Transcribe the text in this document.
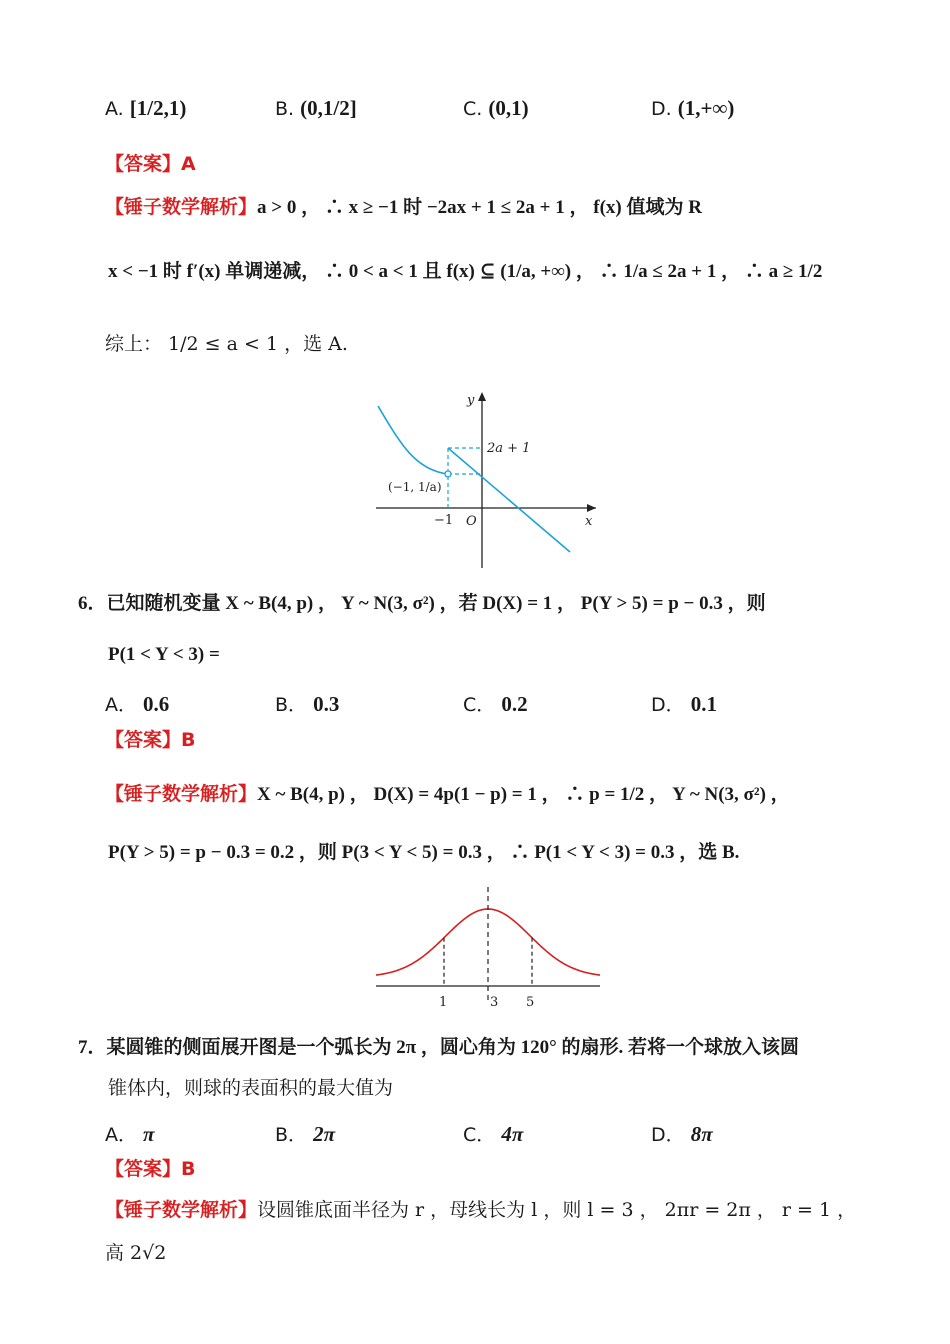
A. [1/2,1)	B. (0,1/2]	C. (0,1)	D. (1,+∞)
【答案】A
【锤子数学解析】a > 0 ， ∴ x ≥ −1 时 −2ax + 1 ≤ 2a + 1 ， f(x) 值域为 R
x < −1 时 f′(x) 单调递减， ∴ 0 < a < 1 且 f(x) ⊆ (1/a, +∞) ， ∴ 1/a ≤ 2a + 1 ， ∴ a ≥ 1/2
综上： 1/2 ≤ a < 1 ，选 A.
y
x
O
2a + 1
(−1, 1/a)
−1
6．已知随机变量 X ~ B(4, p) ， Y ~ N(3, σ²) ，若 D(X) = 1 ， P(Y > 5) = p − 0.3 ，则
P(1 < Y < 3) =
A． 0.6	B． 0.3	C． 0.2	D． 0.1
【答案】B
【锤子数学解析】X ~ B(4, p) ， D(X) = 4p(1 − p) = 1 ， ∴ p = 1/2 ， Y ~ N(3, σ²) ，
P(Y > 5) = p − 0.3 = 0.2 ，则 P(3 < Y < 5) = 0.3 ， ∴ P(1 < Y < 3) = 0.3 ，选 B.
1	3 5
7．某圆锥的侧面展开图是一个弧长为 2π ，圆心角为 120° 的扇形. 若将一个球放入该圆
锥体内，则球的表面积的最大值为
A． π	B． 2π	C． 4π	D． 8π
【答案】B
【锤子数学解析】设圆锥底面半径为 r ，母线长为 l ，则 l = 3 ， 2πr = 2π ， r = 1 ，
高 2√2
